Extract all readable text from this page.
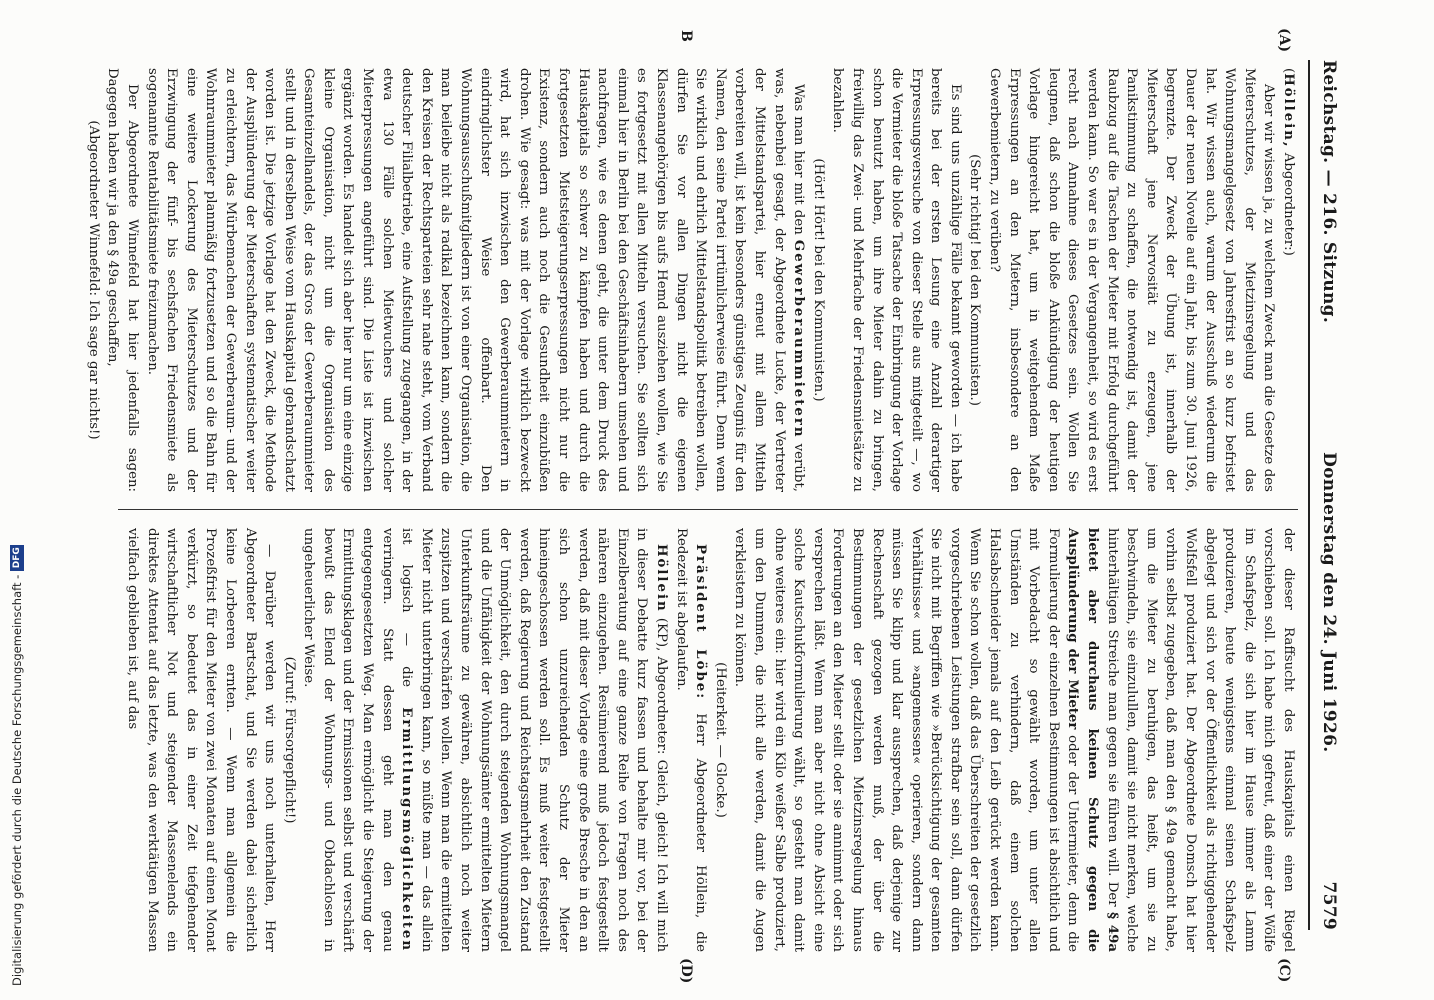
Reichstag. — 216. Sitzung.
Donnerstag den 24. Juni 1926.
7579
(A)
B
(C)
(D)

(Höllein, Abgeordneter:)

Aber wir wissen ja, zu welchem Zweck man die Gesetze des Mieterschutzes, der Mietzinsregelung und das Wohnungsmangelgesetz von Jahresfrist an so kurz befristet hat. Wir wissen auch, warum der Ausschuß wiederum die Dauer der neuen Novelle auf ein Jahr, bis zum 30. Juni 1926, begrenzte. Der Zweck der Übung ist, innerhalb der Mieterschaft jene Nervosität zu erzeugen, jene Panikstimmung zu schaffen, die notwendig ist, damit der Raubzug auf die Taschen der Mieter mit Erfolg durchgeführt werden kann. So war es in der Vergangenheit, so wird es erst recht nach Annahme dieses Gesetzes sein. Wollen Sie leugnen, daß schon die bloße Ankündigung der heutigen Vorlage hingereicht hat, um in weitgehendem Maße Erpressungen an den Mietern, insbesondere an den Gewerbemietern, zu verüben?

(Sehr richtig! bei den Kommunisten.)

Es sind uns unzählige Fälle bekannt geworden — ich habe bereits bei der ersten Lesung eine Anzahl derartiger Erpressungsversuche von dieser Stelle aus mitgeteilt —, wo die Vermieter die bloße Tatsache der Einbringung der Vorlage schon benutzt haben, um ihre Mieter dahin zu bringen, freiwillig das Zwei- und Mehrfache der Friedensmietsätze zu bezahlen.

(Hört! Hört! bei den Kommunisten.)

Was man hier mit den Gewerberaummietern verübt, was, nebenbei gesagt, der Abgeordnete Lucke, der Vertreter der Mittelstandspartei, hier erneut mit allem Mitteln vorbereiten will, ist kein besonders günstiges Zeugnis für den Namen, den seine Partei irrtümlicherweise führt. Denn wenn Sie wirklich und ehrlich Mittelstandspolitik betreiben wollen, dürfen Sie vor allen Dingen nicht die eigenen Klassenangehörigen bis aufs Hemd ausziehen wollen, wie Sie es fortgesetzt mit allen Mitteln versuchen. Sie sollten sich einmal hier in Berlin bei den Geschäftsinhabern umsehen und nachfragen, wie es denen geht, die unter dem Druck des Hauskapitals so schwer zu kämpfen haben und durch die fortgesetzten Mietsteigerungserpressungen nicht nur die Existenz, sondern auch noch die Gesundheit einzubüßen drohen. Wie gesagt: was mit der Vorlage wirklich bezweckt wird, hat sich inzwischen den Gewerberaummietern in eindringlichster Weise offenbart. Den Wohnungsausschußmitgliedern ist von einer Organisation, die man beileibe nicht als radikal bezeichnen kann, sondern die den Kreisen der Rechtsparteien sehr nahe steht, vom Verband deutscher Filialbetriebe, eine Aufstellung zugegangen, in der etwa 130 Fälle solchen Mietwuchers und solcher Mieterpressungen angeführt sind. Die Liste ist inzwischen ergänzt worden. Es handelt sich aber hier nur um eine einzige kleine Organisation, nicht um die Organisation des Gesamteinzelhandels, der das Gros der Gewerberaummieter stellt und in derselben Weise vom Hauskapital gebrandschatzt worden ist. Die jetzige Vorlage hat den Zweck, die Methode der Ausplünderung der Mieterschaften systematischer weiter zu erleichtern, das Mürbemachen der Gewerberaum- und der Wohnraummieter planmäßig fortzusetzen und so die Bahn für eine weitere Lockerung des Mieterschutzes und der Erzwingung der fünf- bis sechsfachen Friedensmiete als sogenannte Rentabilitätsmiete freizumachen.

Der Abgeordnete Winnefeld hat hier jedenfalls sagen: Dagegen haben wir ja den § 49a geschaffen,

(Abgeordneter Winnefeld: Ich sage gar nichts!)

der dieser Raffsucht des Hauskapitals einen Riegel vorschieben soll. Ich habe mich gefreut, daß einer der Wölfe im Schafspelz, die sich hier im Hause immer als Lamm produzieren, heute wenigstens einmal seinen Schafspelz abgelegt und sich vor der Öffentlichkeit als richtiggehender Wolfsfell produziert hat. Der Abgeordnete Domsch hat hier vorhin selbst zugegeben, daß man den § 49a gemacht habe, um die Mieter zu beruhigen, das heißt, um sie zu beschwindeln, sie einzulullen, damit sie nicht merken, welche hinterhältigen Streiche man gegen sie führen will. Der § 49a bietet aber durchaus keinen Schutz gegen die Ausplünderung der Mieter oder der Untermieter, denn die Formulierung der einzelnen Bestimmungen ist absichtlich und mit Vorbedacht so gewählt worden, um unter allen Umständen zu verhindern, daß einem solchen Halsabschneider jemals auf den Leib gerückt werden kann. Wenn Sie schon wollen, daß das Überschreiten der gesetzlich vorgeschriebenen Leistungen strafbar sein soll, dann dürfen Sie nicht mit Begriffen wie »Berücksichtigung der gesamten Verhältnisse« und »angemessen« operieren, sondern dann müssen Sie klipp und klar aussprechen, daß derjenige zur Rechenschaft gezogen werden muß, der über die Bestimmungen der gesetzlichen Mietzinsregelung hinaus Forderungen an den Mieter stellt oder sie annimmt oder sich versprechen läßt. Wenn man aber nicht ohne Absicht eine solche Kautschukformulierung wählt, so gesteht man damit ohne weiteres ein: hier wird ein Kilo weißer Salbe produziert, um den Dummen, die nicht alle werden, damit die Augen verkleistern zu können.

(Heiterkeit. — Glocke.)

Präsident Löbe: Herr Abgeordneter Höllein, die Redezeit ist abgelaufen.

Höllein (KP), Abgeordneter: Gleich, gleich! Ich will mich in dieser Debatte kurz fassen und behalte mir vor, bei der Einzelberatung auf eine ganze Reihe von Fragen noch des näheren einzugehen. Resümierend muß jedoch festgestellt werden, daß mit dieser Vorlage eine große Bresche in den an sich schon unzureichenden Schutz der Mieter hineingeschossen werden soll. Es muß weiter festgestellt werden, daß Regierung und Reichstagsmehrheit den Zustand der Unmöglichkeit, den durch steigenden Wohnungsmangel und die Unfähigkeit der Wohnungsämter ermittelten Mietern Unterkunftsräume zu gewähren, absichtlich noch weiter zuspitzen und verschärfen wollen. Wenn man die ermittelten Mieter nicht unterbringen kann, so müßte man — das allein ist logisch — die Ermittlungsmöglichkeiten verringern. Statt dessen geht man den genau entgegengesetzten Weg. Man ermöglicht die Steigerung der Ermittlungsklagen und der Ermissionen selbst und verschärft bewußt das Elend der Wohnungs- und Obdachlosen in ungeheuerlicher Weise.

(Zuruf: Fürsorgepflicht!)

— Darüber werden wir uns noch unterhalten, Herr Abgeordneter Bartschat, und Sie werden dabei sicherlich keine Lorbeeren ernten. — Wenn man allgemein die Prozeßfrist für den Mieter von zwei Monaten auf einen Monat verkürzt, so bedeutet das in einer Zeit tiefgehender wirtschaftlicher Not und steigender Massenelends ein direktes Attentat auf das letzte, was den werktätigen Massen vielfach geblieben ist, auf das

Digitalisierung gefördert durch die Deutsche Forschungsgemeinschaft -
DFG
